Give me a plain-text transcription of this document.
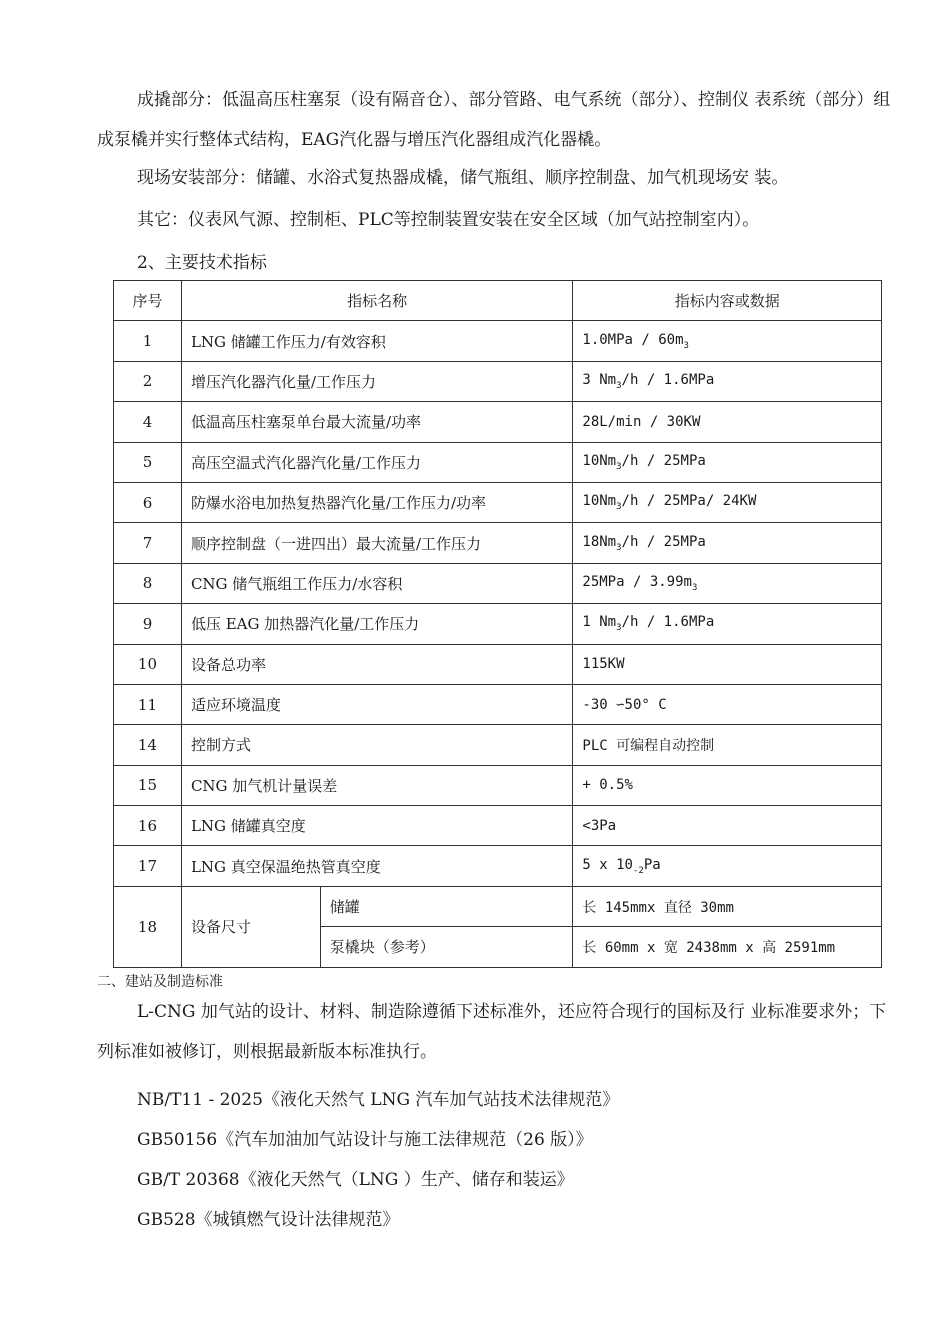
成撬部分：低温高压柱塞泵（设有隔音仓）、部分管路、电气系统（部分）、控制仪 表系统（部分）组成泵橇并实行整体式结构，EAG汽化器与增压汽化器组成汽化器橇。

现场安装部分：储罐、水浴式复热器成橇，储气瓶组、顺序控制盘、加气机现场安 装。

其它：仪表风气源、控制柜、PLC等控制装置安装在安全区域（加气站控制室内）。

2、主要技术指标

序号	指标名称		指标内容或数据
1	LNG 储罐工作压力/有效容积		$1.0MPa / 60m_3$
2	增压汽化器汽化量/工作压力		3 $Nm_3/h / 1.6MPa$
4	低温高压柱塞泵单台最大流量/功率		28L/min / 30KW
5	高压空温式汽化器汽化量/工作压力		$10Nm_3/h / 25MPa$
6	防爆水浴电加热复热器汽化量/工作压力/功率		$10Nm_3/h / 25MPa/$ 24KW
7	顺序控制盘（一进四出）最大流量/工作压力		$18Nm_3/h / 25MPa$
8	CNG 储气瓶组工作压力/水容积		$25MPa / 3.99m_3$
9	低压 EAG 加热器汽化量/工作压力		1 $Nm_3/h / 1.6MPa$
10	设备总功率		115KW
11	适应环境温度		-30 ∽50° C
14	控制方式		PLC 可编程自动控制
15	CNG 加气机计量误差		+ 0.5%
16	LNG 储罐真空度		<3Pa
17	LNG 真空保温绝热管真空度		5 x $10_{-2}Pa$
18	设备尺寸	储罐	长 145mmx 直径 30mm
		泵橇块（参考）	长 60mm x 宽 2438mm x 高 2591mm

二、建站及制造标准

L-CNG 加气站的设计、材料、制造除遵循下述标准外，还应符合现行的国标及行 业标准要求外；下列标准如被修订，则根据最新版本标准执行。

NB/T11 - 2025《液化天然气 LNG 汽车加气站技术法律规范》

GB50156《汽车加油加气站设计与施工法律规范（26 版）》

GB/T 20368《液化天然气（LNG ）生产、储存和装运》

GB528《城镇燃气设计法律规范》
